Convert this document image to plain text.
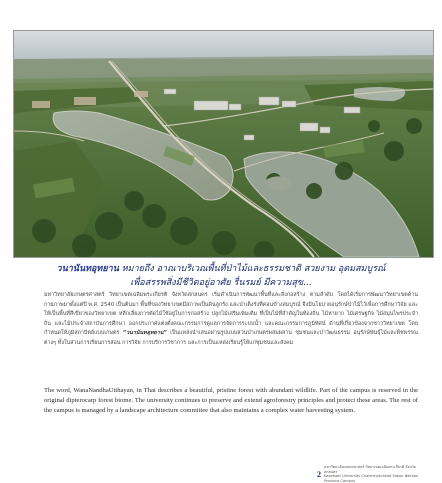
วนานันทอุทยาน หมายถึง อาณาบริเวณพื้นที่ป่าไม้และธรรมชาติ สวยงาม อุดมสมบูรณ์
เพื่อสรรพสิ่งมีชีวิตอยู่อาศัย รื่นรมย์ มีความสุข...
มหาวิทยาลัยเกษตรศาสตร์ วิทยาเขตเฉลิมพระเกียรติ จังหวัดสกลนคร เริ่มดำเนินการพัฒนาพื้นที่และสิ่งก่อสร้าง ตามลำดับ โดยได้เริ่มการพัฒนาวิทยาเขตด้านกายภาพมาตั้งแต่ปี พ.ศ. 2540 เป็นต้นมา พื้นที่ของวิทยาเขตมีสภาพเป็นดินลูกรัง และป่าเต็งรังที่ค่อนข้างสมบูรณ์ จึงมีนโยบายอนุรักษ์ป่าไม้ไว้เพื่อการศึกษาวิจัย และให้เป็นพื้นที่สีเขียวของวิทยาเขต หลีกเลี่ยงการตัดไม้ใช้อยู่ในการก่อสร้าง ปลูกไม้เสริมเพิ่มเติม ที่เป็นไม้ที่สำคัญในท้องถิ่น ไม้หายาก ไม้เศรษฐกิจ ไม้สมุนไพรประจำถิ่น และไม้ประจำสถาบันการศึกษา ออกประกาศแต่งตั้งคณะกรรมการดูแลการจัดการระบบน้ำ และคณะกรรมการภูมิทัศน์ ด้านที่เกี่ยวข้องจากชาววิทยาเขต โดยกำหนดให้ภูมิสถาปัตย์แบบเกษตร “วนานันทอุทยาน” เป็นแหล่งนำเสนอผ่านรูปแบบสวนป่าเกษตรผสมผสาน ชุมชนและป่าวัฒนธรรม อนุรักษ์พันธุ์ไม้และพืชพรรณต่างๆ ทั้งในส่วนการเรียนการสอน การวิจัย การบริการวิชาการ และการเป็นแหล่งเรียนรู้ให้แก่ชุมชนและสังคม
The word, WanaNandhaUtthayan, in Thai describes a beautiful, pristine forest with abundant wildlife. Part of the campus is reserved in the original dipterocarp forest biome. The university continues to preserve and extend agroforestry principles and protect these areas. The rest of the campus is managed by a landscape architecture committee that also maintains a complex water harvesting system.
2
มหาวิทยาลัยเกษตรศาสตร์ วิทยาเขตเฉลิมพระเกียรติ จังหวัดสกลนคร
Kasetsart University Chalermphrakiat Sakon Nakhon Province Campus
